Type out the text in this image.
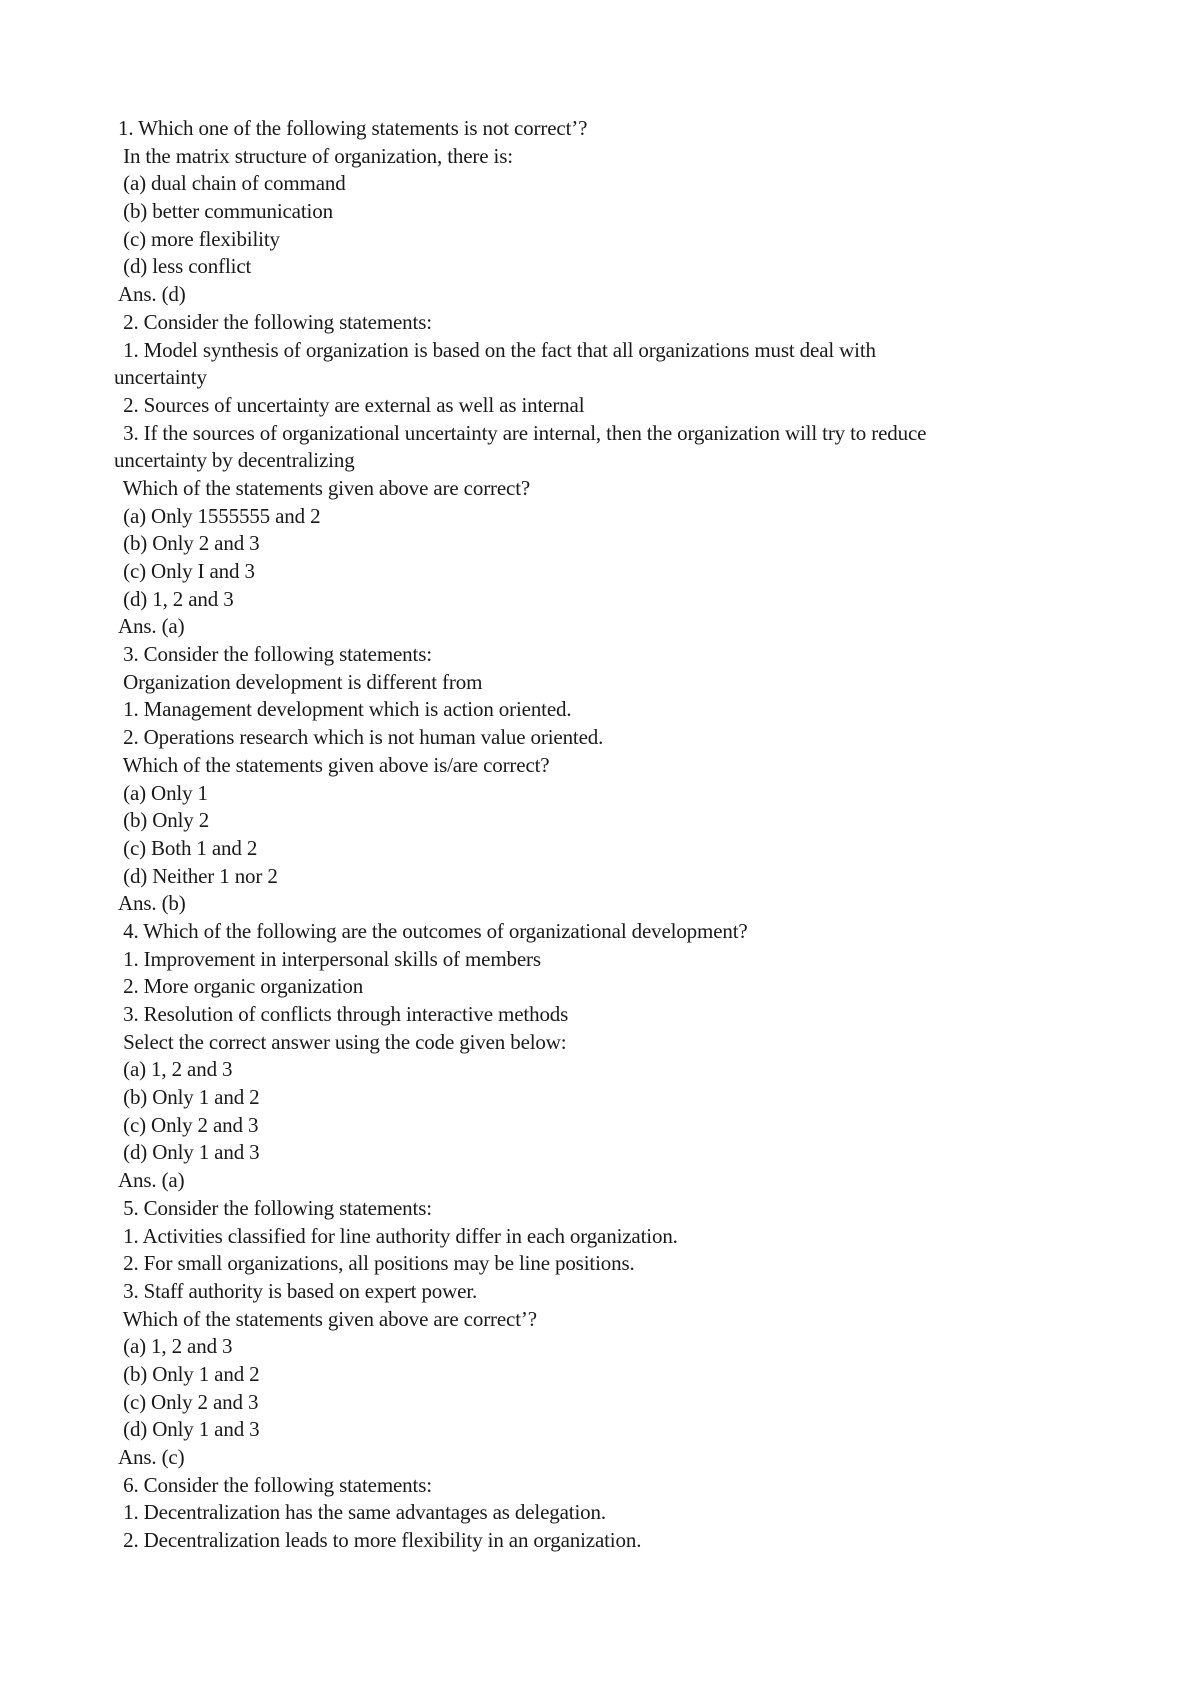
1. Which one of the following statements is not correct’?
In the matrix structure of organization, there is:
(a) dual chain of command
(b) better communication
(c) more flexibility
(d) less conflict
Ans. (d)
2. Consider the following statements:
1. Model synthesis of organization is based on the fact that all organizations must deal with
uncertainty
2. Sources of uncertainty are external as well as internal
3. If the sources of organizational uncertainty are internal, then the organization will try to reduce
uncertainty by decentralizing
Which of the statements given above are correct?
(a) Only 1555555 and 2
(b) Only 2 and 3
(c) Only I and 3
(d) 1, 2 and 3
Ans. (a)
3. Consider the following statements:
Organization development is different from
1. Management development which is action oriented.
2. Operations research which is not human value oriented.
Which of the statements given above is/are correct?
(a) Only 1
(b) Only 2
(c) Both 1 and 2
(d) Neither 1 nor 2
Ans. (b)
4. Which of the following are the outcomes of organizational development?
1. Improvement in interpersonal skills of members
2. More organic organization
3. Resolution of conflicts through interactive methods
Select the correct answer using the code given below:
(a) 1, 2 and 3
(b) Only 1 and 2
(c) Only 2 and 3
(d) Only 1 and 3
Ans. (a)
5. Consider the following statements:
1. Activities classified for line authority differ in each organization.
2. For small organizations, all positions may be line positions.
3. Staff authority is based on expert power.
Which of the statements given above are correct’?
(a) 1, 2 and 3
(b) Only 1 and 2
(c) Only 2 and 3
(d) Only 1 and 3
Ans. (c)
6. Consider the following statements:
1. Decentralization has the same advantages as delegation.
2. Decentralization leads to more flexibility in an organization.
